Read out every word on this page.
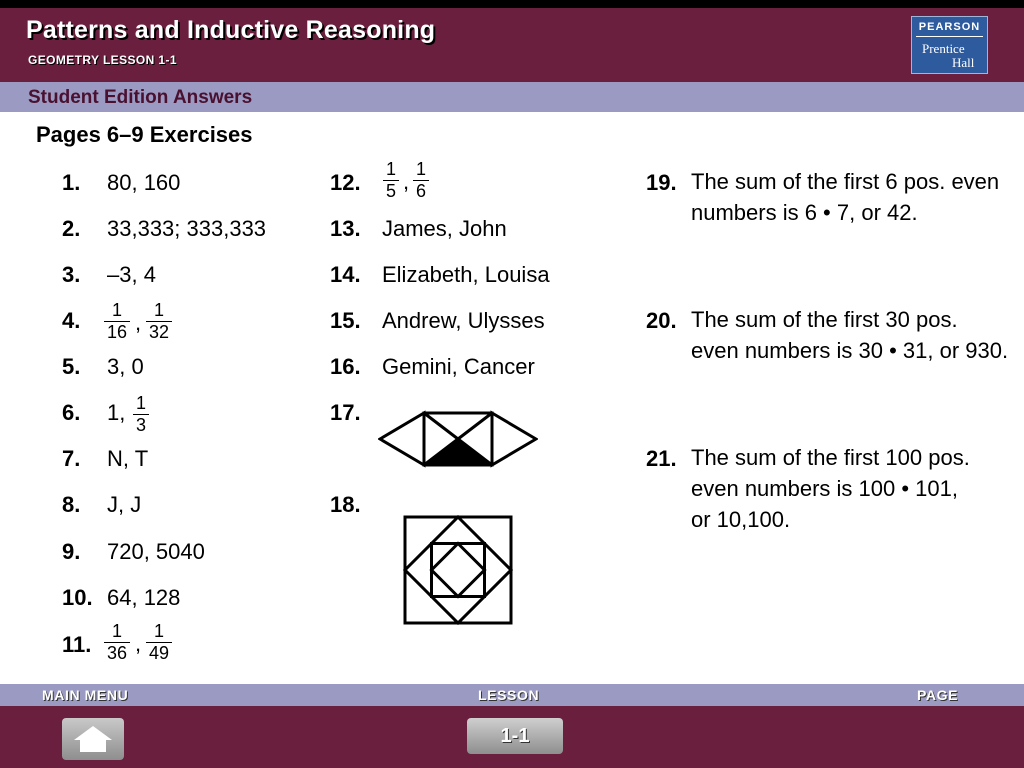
Patterns and Inductive Reasoning
GEOMETRY LESSON 1-1
PEARSON
Prentice
Hall
Student Edition Answers
Pages 6–9 Exercises
1. 80, 160
2. 33,333; 333,333
3. –3, 4
4. $\frac{1}{16}$ , $\frac{1}{32}$
5. 3, 0
6. 1, $\frac{1}{3}$
7. N, T
8. J, J
9. 720, 5040
10. 64, 128
11. $\frac{1}{36}$ , $\frac{1}{49}$
12. $\frac{1}{5}$ , $\frac{1}{6}$
13. James, John
14. Elizabeth, Louisa
15. Andrew, Ulysses
16. Gemini, Cancer
17.
18.
19. The sum of the first 6 pos. even numbers is 6 • 7, or 42.
20. The sum of the first 30 pos. even numbers is 30 • 31, or 930.
21. The sum of the first 100 pos. even numbers is 100 • 101, or 10,100.
MAIN MENU	LESSON	PAGE
1-1
